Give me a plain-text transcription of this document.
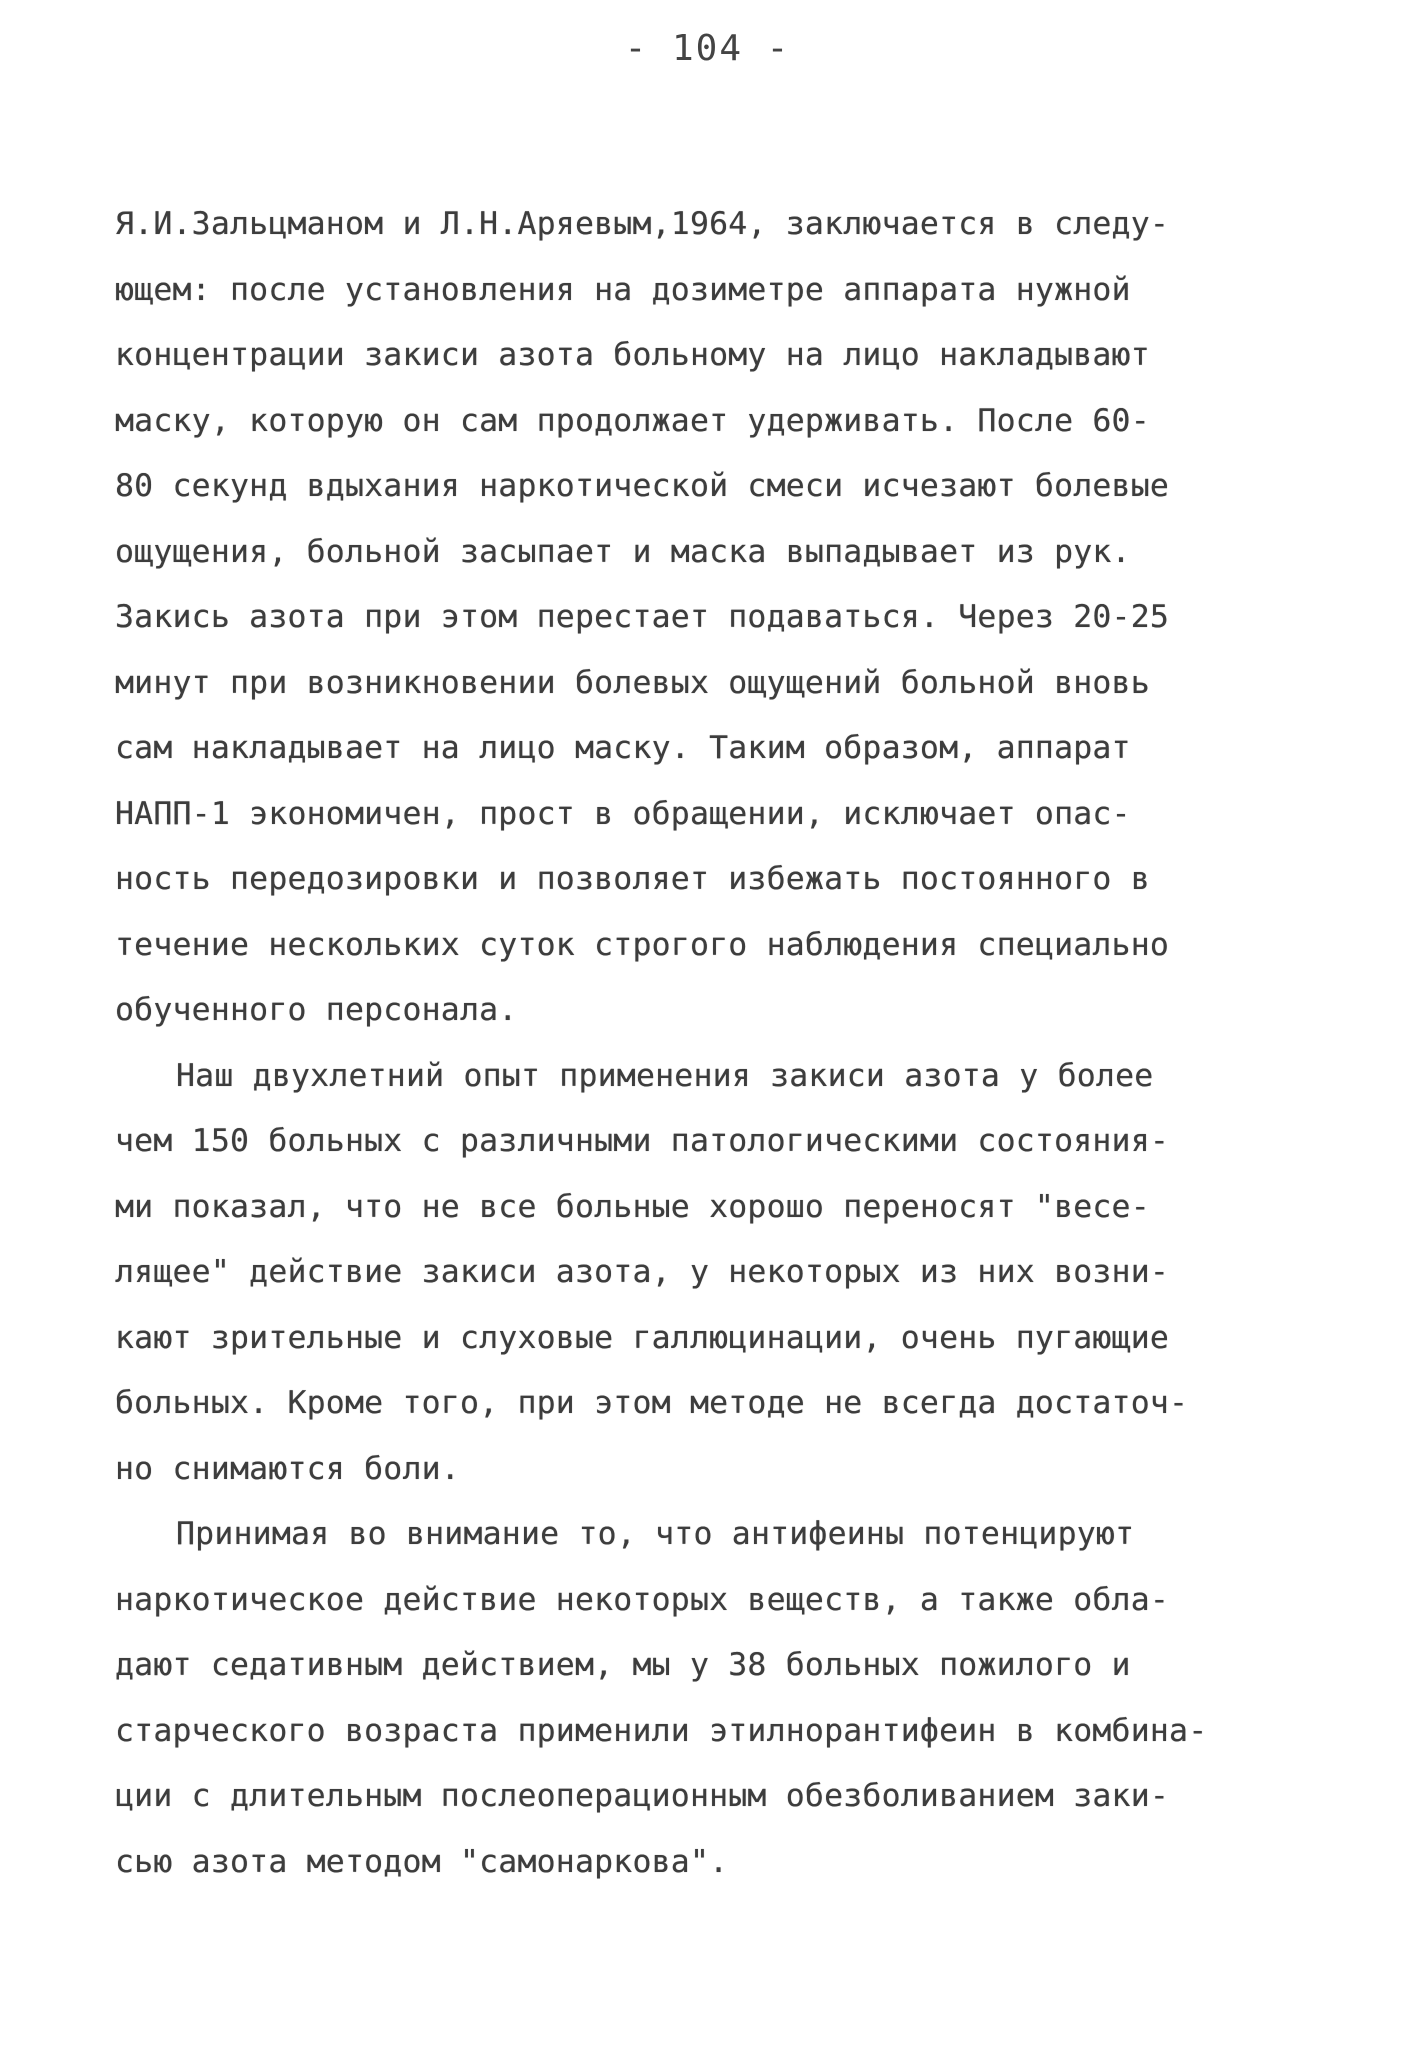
- 104 -
Я.И.Зальцманом и Л.Н.Аряевым,1964, заключается в следу-
ющем: после установления на дозиметре аппарата нужной
концентрации закиси азота больному на лицо накладывают
маску, которую он сам продолжает удерживать. После 60-
80 секунд вдыхания наркотической смеси исчезают болевые
ощущения, больной засыпает и маска выпадывает из рук.
Закись азота при этом перестает подаваться. Через 20-25
минут при возникновении болевых ощущений больной вновь
сам накладывает на лицо маску. Таким образом, аппарат
НАПП-1 экономичен, прост в обращении, исключает опас-
ность передозировки и позволяет избежать постоянного в
течение нескольких суток строгого наблюдения специально
обученного персонала.
Наш двухлетний опыт применения закиси азота у более
чем 150 больных с различными патологическими состояния-
ми показал, что не все больные хорошо переносят "весе-
лящее" действие закиси азота, у некоторых из них возни-
кают зрительные и слуховые галлюцинации, очень пугающие
больных. Кроме того, при этом методе не всегда достаточ-
но снимаются боли.
Принимая во внимание то, что антифеины потенцируют
наркотическое действие некоторых веществ, а также обла-
дают седативным действием, мы у 38 больных пожилого и
старческого возраста применили этилнорантифеин в комбина-
ции с длительным послеоперационным обезболиванием заки-
сью азота методом "самонаркова".
